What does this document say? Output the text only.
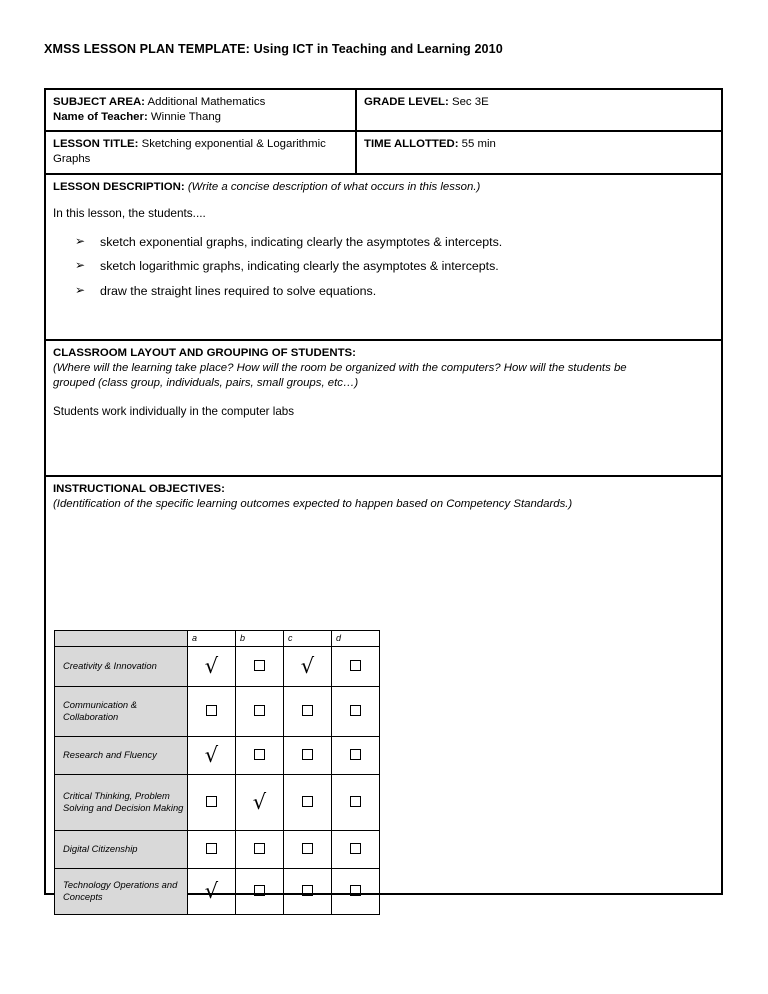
XMSS LESSON PLAN TEMPLATE: Using ICT in Teaching and Learning 2010
SUBJECT AREA: Additional Mathematics
Name of Teacher: Winnie Thang
GRADE LEVEL: Sec 3E
LESSON TITLE: Sketching exponential & Logarithmic Graphs
TIME ALLOTTED: 55 min
LESSON DESCRIPTION: (Write a concise description of what occurs in this lesson.)
In this lesson, the students....
➢ sketch exponential graphs, indicating clearly the asymptotes & intercepts.
➢ sketch logarithmic graphs, indicating clearly the asymptotes & intercepts.
➢ draw the straight lines required to solve equations.
CLASSROOM LAYOUT AND GROUPING OF STUDENTS:
(Where will the learning take place? How will the room be organized with the computers? How will the students be
grouped (class group, individuals, pairs, small groups, etc…)
Students work individually in the computer labs
INSTRUCTIONAL OBJECTIVES:
(Identification of the specific learning outcomes expected to happen based on Competency Standards.)
	a	b	c	d
Creativity & Innovation	√		√	
Communication & Collaboration				
Research and Fluency	√			
Critical Thinking, Problem Solving and Decision Making		√		
Digital Citizenship				
Technology Operations and Concepts	√			
